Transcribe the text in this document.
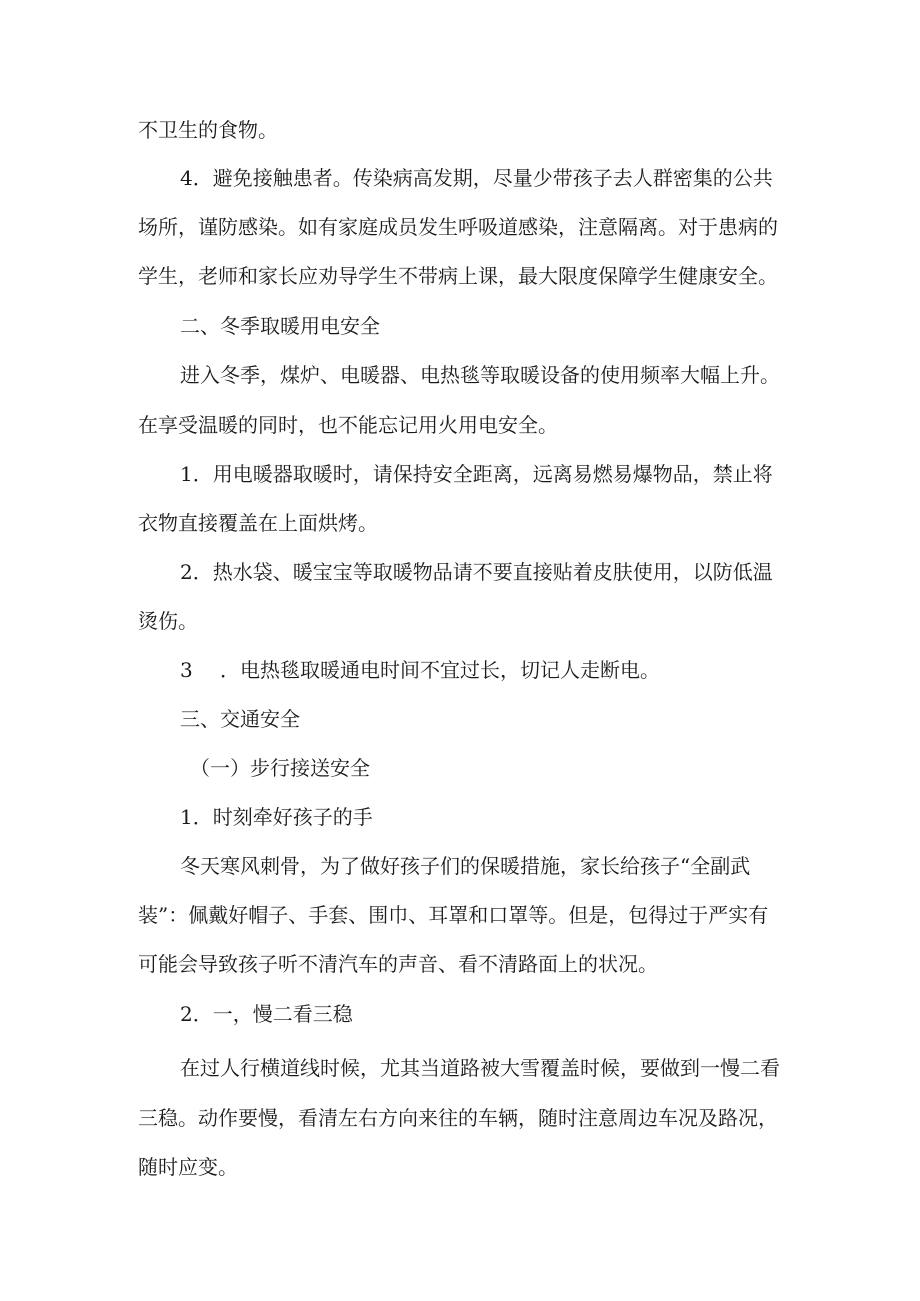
不卫生的食物。
4．避免接触患者。传染病高发期，尽量少带孩子去人群密集的公共
场所，谨防感染。如有家庭成员发生呼吸道感染，注意隔离。对于患病的
学生，老师和家长应劝导学生不带病上课，最大限度保障学生健康安全。
二、冬季取暖用电安全
进入冬季，煤炉、电暖器、电热毯等取暖设备的使用频率大幅上升。
在享受温暖的同时，也不能忘记用火用电安全。
1．用电暖器取暖时，请保持安全距离，远离易燃易爆物品，禁止将
衣物直接覆盖在上面烘烤。
2．热水袋、暖宝宝等取暖物品请不要直接贴着皮肤使用，以防低温
烫伤。
3 ．电热毯取暖通电时间不宜过长，切记人走断电。
三、交通安全
（一）步行接送安全
1．时刻牵好孩子的手
冬天寒风刺骨，为了做好孩子们的保暖措施，家长给孩子“全副武
装”：佩戴好帽子、手套、围巾、耳罩和口罩等。但是，包得过于严实有
可能会导致孩子听不清汽车的声音、看不清路面上的状况。
2．一，慢二看三稳
在过人行横道线时候，尤其当道路被大雪覆盖时候，要做到一慢二看
三稳。动作要慢，看清左右方向来往的车辆，随时注意周边车况及路况，
随时应变。
